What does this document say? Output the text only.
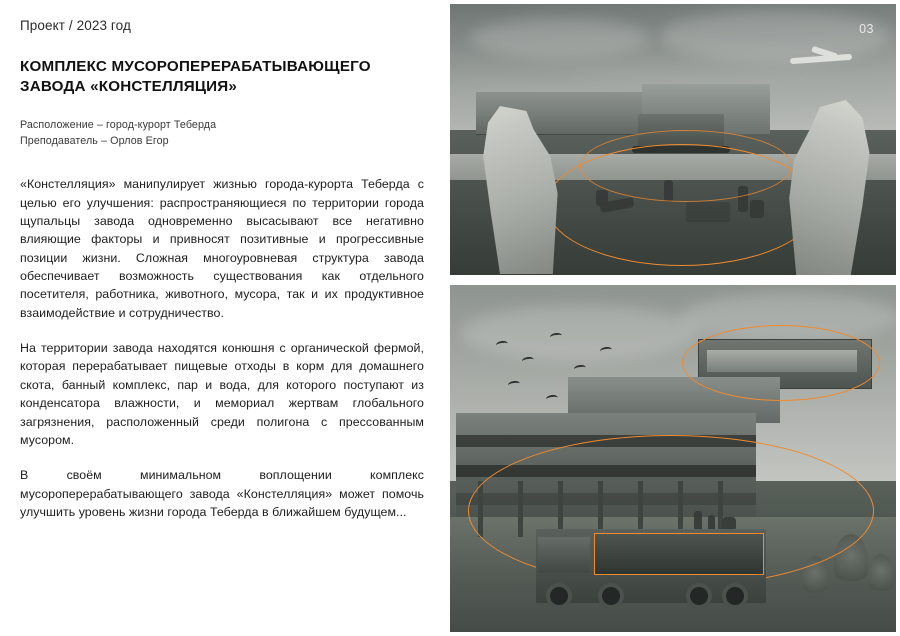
Проект / 2023 год
КОМПЛЕКС МУСОРОПЕРЕРАБАТЫВАЮЩЕГО ЗАВОДА «КОНСТЕЛЛЯЦИЯ»
Расположение – город-курорт Теберда
Преподаватель – Орлов Егор

«Констелляция» манипулирует жизнью города-курорта Теберда с целью его улучшения: распространяющиеся по территории города щупальцы завода одновременно высасывают все негативно влияющие факторы и привносят позитивные и прогрессивные позиции жизни. Сложная многоуровневая структура завода обеспечивает возможность существования как отдельного посетителя, работника, животного, мусора, так и их продуктивное взаимодействие и сотрудничество.

На территории завода находятся конюшня с органической фермой, которая перерабатывает пищевые отходы в корм для домашнего скота, банный комплекс, пар и вода, для которого поступают из конденсатора влажности, и мемориал жертвам глобального загрязнения, расположенный среди полигона с прессованным мусором.

В своём минимальном воплощении комплекс мусороперерабатывающего завода «Констелляция» может помочь улучшить уровень жизни города Теберда в ближайшем будущем...

03
